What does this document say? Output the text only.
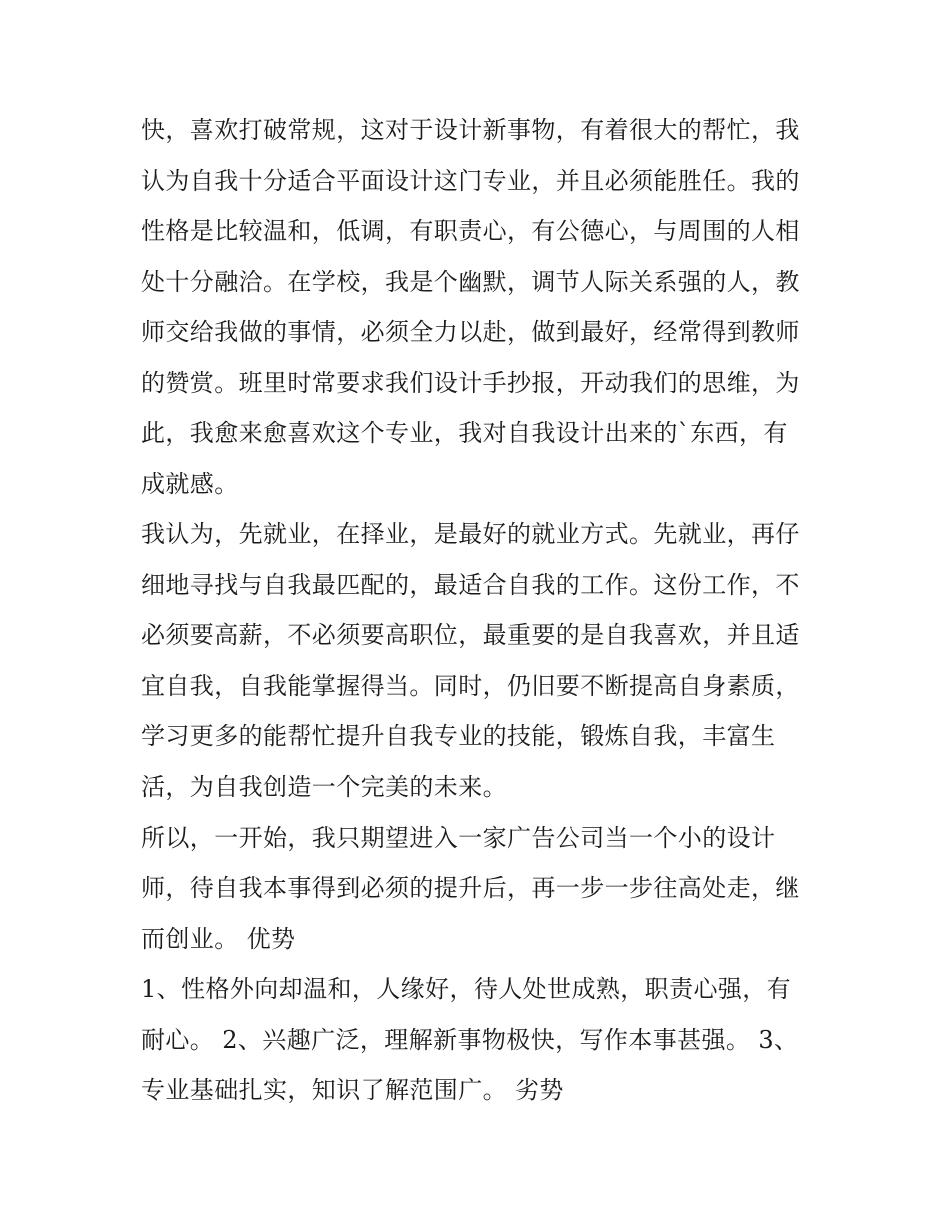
快，喜欢打破常规，这对于设计新事物，有着很大的帮忙，我
认为自我十分适合平面设计这门专业，并且必须能胜任。我的
性格是比较温和，低调，有职责心，有公德心，与周围的人相
处十分融洽。在学校，我是个幽默，调节人际关系强的人，教
师交给我做的事情，必须全力以赴，做到最好，经常得到教师
的赞赏。班里时常要求我们设计手抄报，开动我们的思维，为
此，我愈来愈喜欢这个专业，我对自我设计出来的`东西，有
成就感。
我认为，先就业，在择业，是最好的就业方式。先就业，再仔
细地寻找与自我最匹配的，最适合自我的工作。这份工作，不
必须要高薪，不必须要高职位，最重要的是自我喜欢，并且适
宜自我，自我能掌握得当。同时，仍旧要不断提高自身素质，
学习更多的能帮忙提升自我专业的技能，锻炼自我，丰富生
活，为自我创造一个完美的未来。
所以，一开始，我只期望进入一家广告公司当一个小的设计
师，待自我本事得到必须的提升后，再一步一步往高处走，继
而创业。 优势
1、性格外向却温和，人缘好，待人处世成熟，职责心强，有
耐心。 2、兴趣广泛，理解新事物极快，写作本事甚强。 3、
专业基础扎实，知识了解范围广。 劣势
